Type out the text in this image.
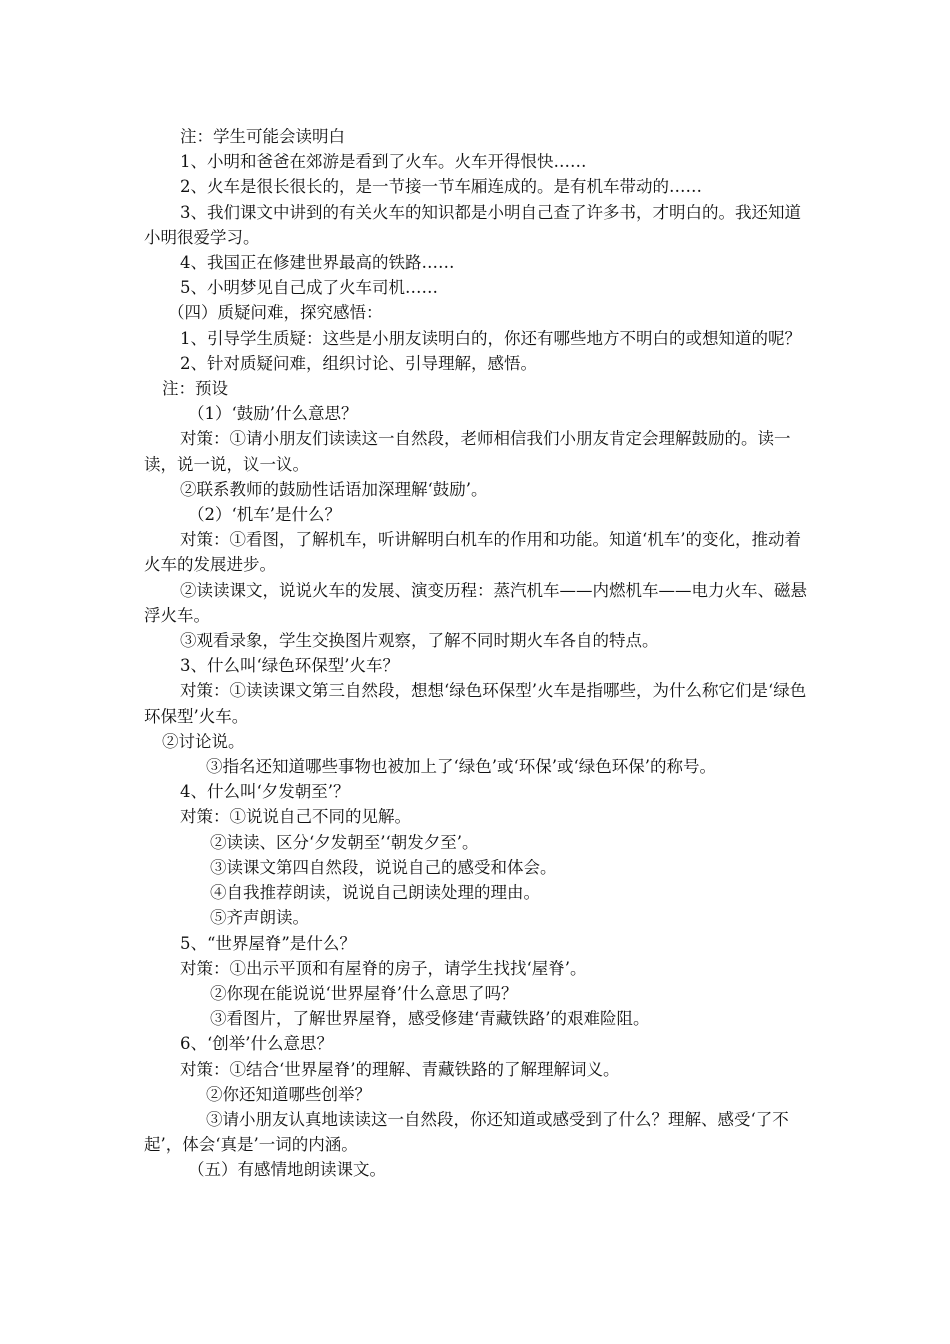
注：学生可能会读明白

1、小明和爸爸在郊游是看到了火车。火车开得恨快……

2、火车是很长很长的，是一节接一节车厢连成的。是有机车带动的……

3、我们课文中讲到的有关火车的知识都是小明自己查了许多书，才明白的。我还知道小明很爱学习。

4、我国正在修建世界最高的铁路……

5、小明梦见自己成了火车司机……

（四）质疑问难，探究感悟：

1、引导学生质疑：这些是小朋友读明白的，你还有哪些地方不明白的或想知道的呢？

2、针对质疑问难，组织讨论、引导理解，感悟。

注：预设

（1）‘鼓励’什么意思？

对策：①请小朋友们读读这一自然段，老师相信我们小朋友肯定会理解鼓励的。读一读，说一说，议一议。

②联系教师的鼓励性话语加深理解‘鼓励’。

（2）‘机车’是什么？

对策：①看图，了解机车，听讲解明白机车的作用和功能。知道‘机车’的变化，推动着火车的发展进步。

②读读课文，说说火车的发展、演变历程：蒸汽机车——内燃机车——电力火车、磁悬浮火车。

③观看录象，学生交换图片观察，了解不同时期火车各自的特点。

3、什么叫‘绿色环保型’火车？

对策：①读读课文第三自然段，想想‘绿色环保型’火车是指哪些，为什么称它们是‘绿色环保型’火车。

②讨论说。

③指名还知道哪些事物也被加上了‘绿色’或‘环保’或‘绿色环保’的称号。

4、什么叫‘夕发朝至’？

对策：①说说自己不同的见解。

②读读、区分‘夕发朝至’‘朝发夕至’。

③读课文第四自然段，说说自己的感受和体会。

④自我推荐朗读，说说自己朗读处理的理由。

⑤齐声朗读。

5、“世界屋脊”是什么？

对策：①出示平顶和有屋脊的房子，请学生找找‘屋脊’。

②你现在能说说‘世界屋脊’什么意思了吗？

③看图片，了解世界屋脊，感受修建‘青藏铁路’的艰难险阻。

6、‘创举’什么意思？

对策：①结合‘世界屋脊’的理解、青藏铁路的了解理解词义。

②你还知道哪些创举？

③请小朋友认真地读读这一自然段，你还知道或感受到了什么？理解、感受‘了不起’，体会‘真是’一词的内涵。

（五）有感情地朗读课文。
